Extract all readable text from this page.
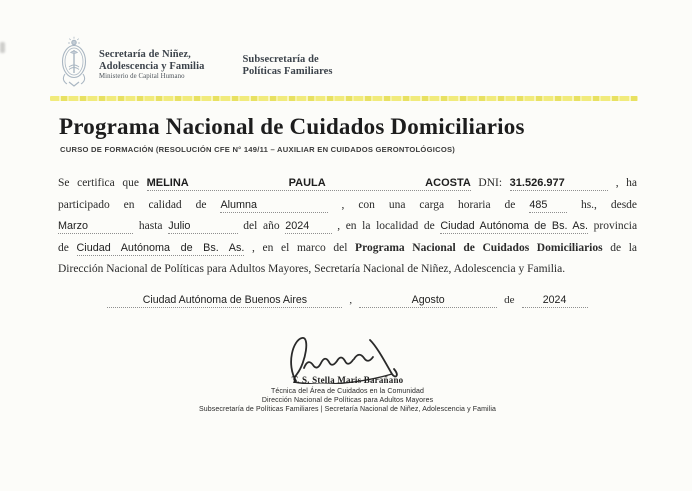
Secretaría de Niñez,
Adolescencia y Familia
Ministerio de Capital Humano
Subsecretaría de
Políticas Familiares
Programa Nacional de Cuidados Domiciliarios
CURSO DE FORMACIÓN (RESOLUCIÓN CFE N° 149/11 – AUXILIAR EN CUIDADOS GERONTOLÓGICOS)
Se certifica que MELINA PAULA ACOSTA DNI: 31.526.977	, ha
participado en calidad de Alumna	, con una carga horaria de 485	hs., desde
Marzo	hasta Julio	del año 2024 , en la localidad de Ciudad Autónoma de Bs. As. provincia
de Ciudad Autónoma de Bs. As. , en el marco del Programa Nacional de Cuidados Domiciliarios de la
Dirección Nacional de Políticas para Adultos Mayores, Secretaría Nacional de Niñez, Adolescencia y Familia.
Ciudad Autónoma de Buenos Aires	,	Agosto	de	2024
T. S. Stella Maris Barañano
Técnica del Área de Cuidados en la Comunidad
Dirección Nacional de Políticas para Adultos Mayores
Subsecretaría de Políticas Familiares | Secretaría Nacional de Niñez, Adolescencia y Familia
